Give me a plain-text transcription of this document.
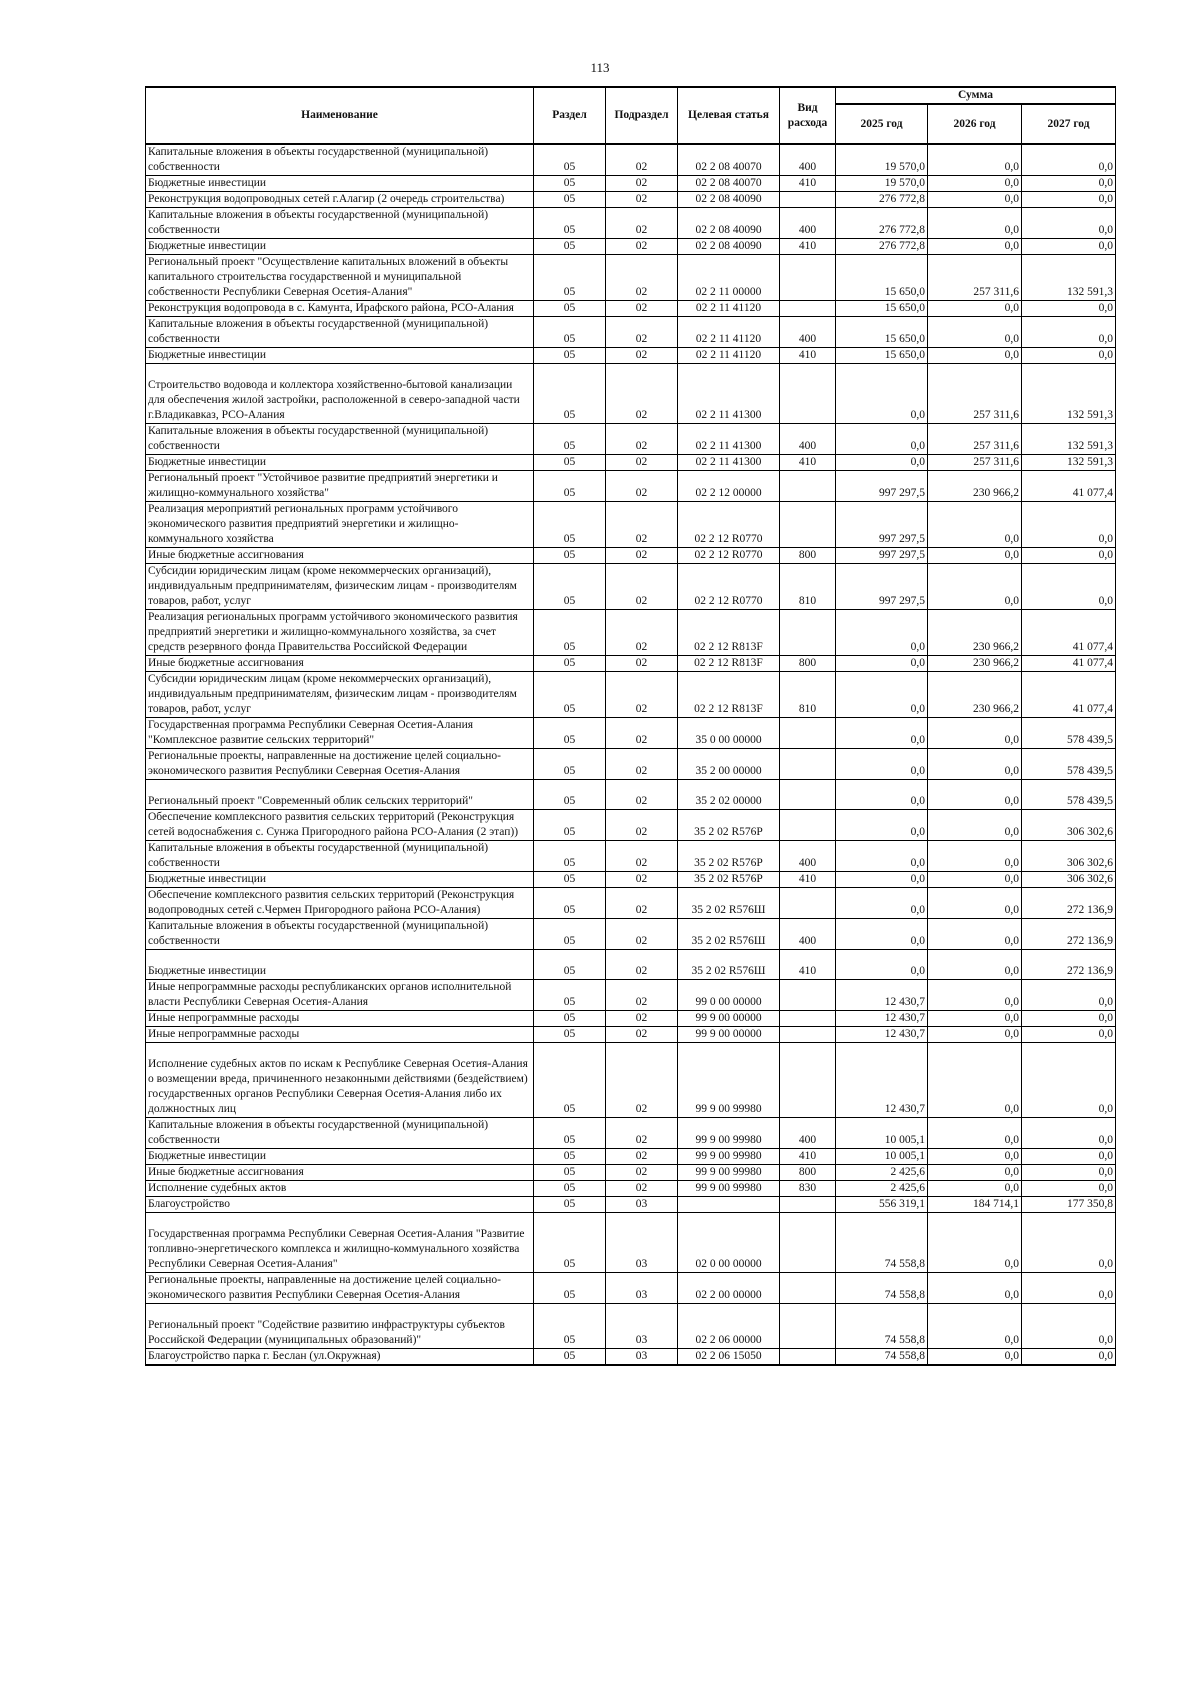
113
Наименование	Раздел	Подраздел	Целевая статья	Вид расхода	Сумма		
					2025 год	2026 год	2027 год
Капитальные вложения в объекты государственной (муниципальной) собственности	05	02	02 2 08 40070	400	19 570,0	0,0	0,0
Бюджетные инвестиции	05	02	02 2 08 40070	410	19 570,0	0,0	0,0
Реконструкция водопроводных сетей г.Алагир (2 очередь строительства)	05	02	02 2 08 40090		276 772,8	0,0	0,0
Капитальные вложения в объекты государственной (муниципальной) собственности	05	02	02 2 08 40090	400	276 772,8	0,0	0,0
Бюджетные инвестиции	05	02	02 2 08 40090	410	276 772,8	0,0	0,0
Региональный проект "Осуществление капитальных вложений в объекты капитального строительства государственной и муниципальной собственности Республики Северная Осетия-Алания"	05	02	02 2 11 00000		15 650,0	257 311,6	132 591,3
Реконструкция водопровода в с. Камунта, Ирафского района, РСО-Алания	05	02	02 2 11 41120		15 650,0	0,0	0,0
Капитальные вложения в объекты государственной (муниципальной) собственности	05	02	02 2 11 41120	400	15 650,0	0,0	0,0
Бюджетные инвестиции	05	02	02 2 11 41120	410	15 650,0	0,0	0,0
Строительство водовода и коллектора хозяйственно-бытовой канализации для обеспечения жилой застройки, расположенной в северо-западной части г.Владикавказ, РСО-Алания	05	02	02 2 11 41300		0,0	257 311,6	132 591,3
Капитальные вложения в объекты государственной (муниципальной) собственности	05	02	02 2 11 41300	400	0,0	257 311,6	132 591,3
Бюджетные инвестиции	05	02	02 2 11 41300	410	0,0	257 311,6	132 591,3
Региональный проект "Устойчивое развитие предприятий энергетики и жилищно-коммунального хозяйства"	05	02	02 2 12 00000		997 297,5	230 966,2	41 077,4
Реализация мероприятий региональных программ устойчивого экономического развития предприятий энергетики и жилищно-коммунального хозяйства	05	02	02 2 12 R0770		997 297,5	0,0	0,0
Иные бюджетные ассигнования	05	02	02 2 12 R0770	800	997 297,5	0,0	0,0
Субсидии юридическим лицам (кроме некоммерческих организаций), индивидуальным предпринимателям, физическим лицам - производителям товаров, работ, услуг	05	02	02 2 12 R0770	810	997 297,5	0,0	0,0
Реализация региональных программ устойчивого экономического развития предприятий энергетики и жилищно-коммунального хозяйства, за счет средств резервного фонда Правительства Российской Федерации	05	02	02 2 12 R813F		0,0	230 966,2	41 077,4
Иные бюджетные ассигнования	05	02	02 2 12 R813F	800	0,0	230 966,2	41 077,4
Субсидии юридическим лицам (кроме некоммерческих организаций), индивидуальным предпринимателям, физическим лицам - производителям товаров, работ, услуг	05	02	02 2 12 R813F	810	0,0	230 966,2	41 077,4
Государственная программа Республики Северная Осетия-Алания "Комплексное развитие сельских территорий"	05	02	35 0 00 00000		0,0	0,0	578 439,5
Региональные проекты, направленные на достижение целей социально-экономического развития Республики Северная Осетия-Алания	05	02	35 2 00 00000		0,0	0,0	578 439,5
Региональный проект "Современный облик сельских территорий"	05	02	35 2 02 00000		0,0	0,0	578 439,5
Обеспечение комплексного развития сельских территорий (Реконструкция сетей водоснабжения с. Сунжа Пригородного района РСО-Алания (2 этап))	05	02	35 2 02 R576P		0,0	0,0	306 302,6
Капитальные вложения в объекты государственной (муниципальной) собственности	05	02	35 2 02 R576P	400	0,0	0,0	306 302,6
Бюджетные инвестиции	05	02	35 2 02 R576P	410	0,0	0,0	306 302,6
Обеспечение комплексного развития сельских территорий (Реконструкция водопроводных сетей с.Чермен Пригородного района РСО-Алания)	05	02	35 2 02 R576Ш		0,0	0,0	272 136,9
Капитальные вложения в объекты государственной (муниципальной) собственности	05	02	35 2 02 R576Ш	400	0,0	0,0	272 136,9
Бюджетные инвестиции	05	02	35 2 02 R576Ш	410	0,0	0,0	272 136,9
Иные непрограммные расходы республиканских органов исполнительной власти Республики Северная Осетия-Алания	05	02	99 0 00 00000		12 430,7	0,0	0,0
Иные непрограммные расходы	05	02	99 9 00 00000		12 430,7	0,0	0,0
Иные непрограммные расходы	05	02	99 9 00 00000		12 430,7	0,0	0,0
Исполнение судебных актов по искам к Республике Северная Осетия-Алания о возмещении вреда, причиненного незаконными действиями (бездействием) государственных органов Республики Северная Осетия-Алания либо их должностных лиц	05	02	99 9 00 99980		12 430,7	0,0	0,0
Капитальные вложения в объекты государственной (муниципальной) собственности	05	02	99 9 00 99980	400	10 005,1	0,0	0,0
Бюджетные инвестиции	05	02	99 9 00 99980	410	10 005,1	0,0	0,0
Иные бюджетные ассигнования	05	02	99 9 00 99980	800	2 425,6	0,0	0,0
Исполнение судебных актов	05	02	99 9 00 99980	830	2 425,6	0,0	0,0
Благоустройство	05	03			556 319,1	184 714,1	177 350,8
Государственная программа Республики Северная Осетия-Алания "Развитие топливно-энергетического комплекса и жилищно-коммунального хозяйства Республики Северная Осетия-Алания"	05	03	02 0 00 00000		74 558,8	0,0	0,0
Региональные проекты, направленные на достижение целей социально-экономического развития Республики Северная Осетия-Алания	05	03	02 2 00 00000		74 558,8	0,0	0,0
Региональный проект "Содействие развитию инфраструктуры субъектов Российской Федерации (муниципальных образований)"	05	03	02 2 06 00000		74 558,8	0,0	0,0
Благоустройство парка г. Беслан (ул.Окружная)	05	03	02 2 06 15050		74 558,8	0,0	0,0
